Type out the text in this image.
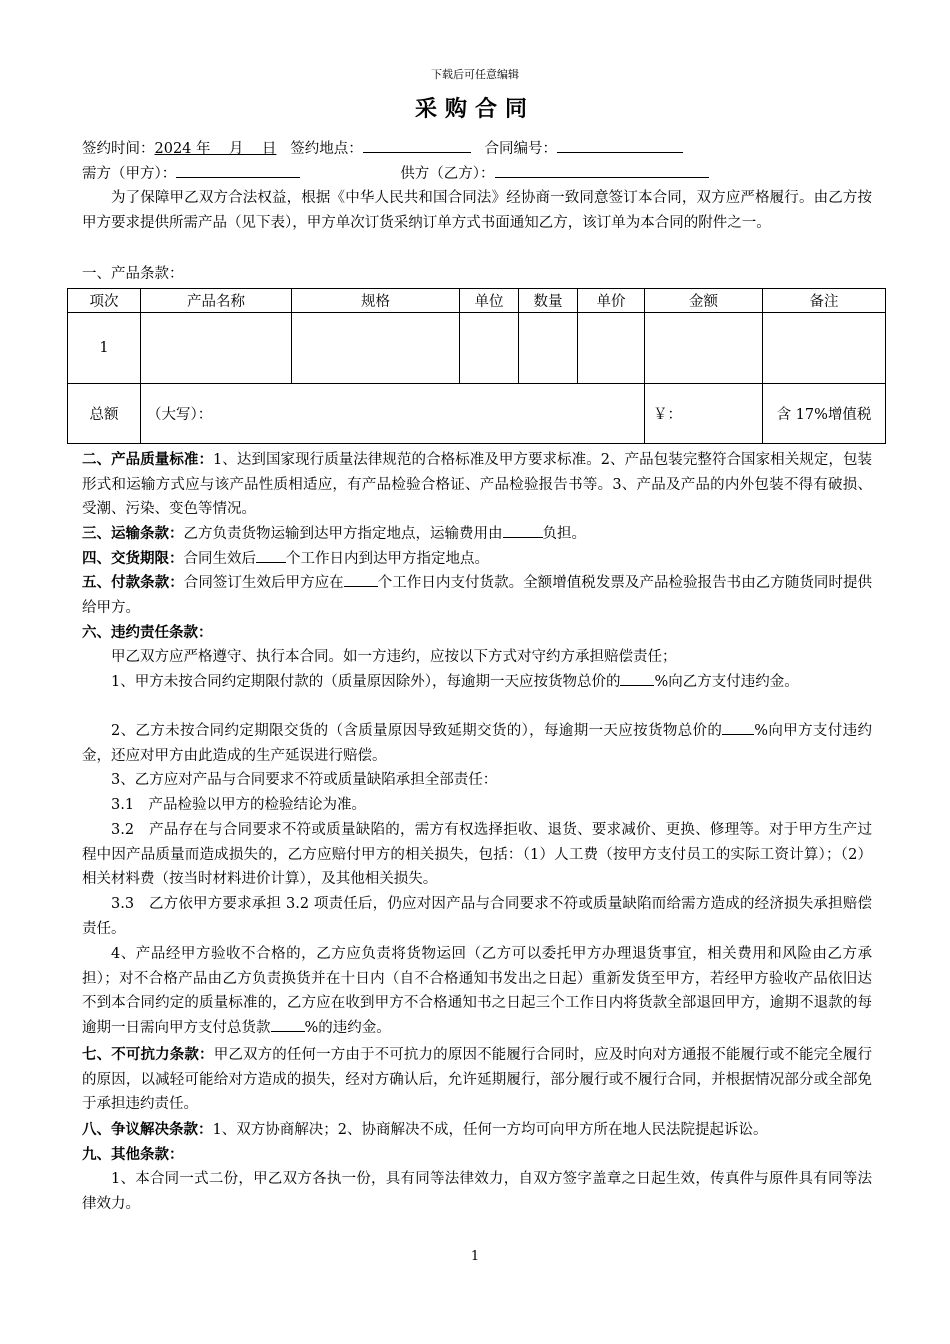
下载后可任意编辑
采购合同
签约时间：2024 年    月    日 签约地点：	合同编号：
需方（甲方）：	供方（乙方）：
为了保障甲乙双方合法权益，根据《中华人民共和国合同法》经协商一致同意签订本合同，双方应严格履行。由乙方按甲方要求提供所需产品（见下表），甲方单次订货采纳订单方式书面通知乙方，该订单为本合同的附件之一。
一、产品条款：
项次	产品名称	规格	单位	数量	单价	金额	备注
1							
总额	（大写）：					￥：	含 17%增值税
二、产品质量标准：1、达到国家现行质量法律规范的合格标准及甲方要求标准。2、产品包装完整符合国家相关规定，包装形式和运输方式应与该产品性质相适应，有产品检验合格证、产品检验报告书等。3、产品及产品的内外包装不得有破损、受潮、污染、变色等情况。
三、运输条款：乙方负责货物运输到达甲方指定地点，运输费用由	负担。
四、交货期限：合同生效后 个工作日内到达甲方指定地点。
五、付款条款：合同签订生效后甲方应在 个工作日内支付货款。全额增值税发票及产品检验报告书由乙方随货同时提供给甲方。
六、违约责任条款：
甲乙双方应严格遵守、执行本合同。如一方违约，应按以下方式对守约方承担赔偿责任；
1、甲方未按合同约定期限付款的（质量原因除外），每逾期一天应按货物总价的 %向乙方支付违约金。
2、乙方未按合同约定期限交货的（含质量原因导致延期交货的），每逾期一天应按货物总价的 %向甲方支付违约金，还应对甲方由此造成的生产延误进行赔偿。
3、乙方应对产品与合同要求不符或质量缺陷承担全部责任：
3.1　产品检验以甲方的检验结论为准。
3.2　产品存在与合同要求不符或质量缺陷的，需方有权选择拒收、退货、要求减价、更换、修理等。对于甲方生产过程中因产品质量而造成损失的，乙方应赔付甲方的相关损失，包括：（1）人工费（按甲方支付员工的实际工资计算）；（2）相关材料费（按当时材料进价计算），及其他相关损失。
3.3　乙方依甲方要求承担 3.2 项责任后，仍应对因产品与合同要求不符或质量缺陷而给需方造成的经济损失承担赔偿责任。
4、产品经甲方验收不合格的，乙方应负责将货物运回（乙方可以委托甲方办理退货事宜，相关费用和风险由乙方承担）；对不合格产品由乙方负责换货并在十日内（自不合格通知书发出之日起）重新发货至甲方，若经甲方验收产品依旧达不到本合同约定的质量标准的，乙方应在收到甲方不合格通知书之日起三个工作日内将货款全部退回甲方，逾期不退款的每逾期一日需向甲方支付总货款 %的违约金。
七、不可抗力条款：甲乙双方的任何一方由于不可抗力的原因不能履行合同时，应及时向对方通报不能履行或不能完全履行的原因，以减轻可能给对方造成的损失，经对方确认后，允许延期履行，部分履行或不履行合同，并根据情况部分或全部免于承担违约责任。
八、争议解决条款：1、双方协商解决；2、协商解决不成，任何一方均可向甲方所在地人民法院提起诉讼。
九、其他条款：
1、本合同一式二份，甲乙双方各执一份，具有同等法律效力，自双方签字盖章之日起生效，传真件与原件具有同等法律效力。
1
